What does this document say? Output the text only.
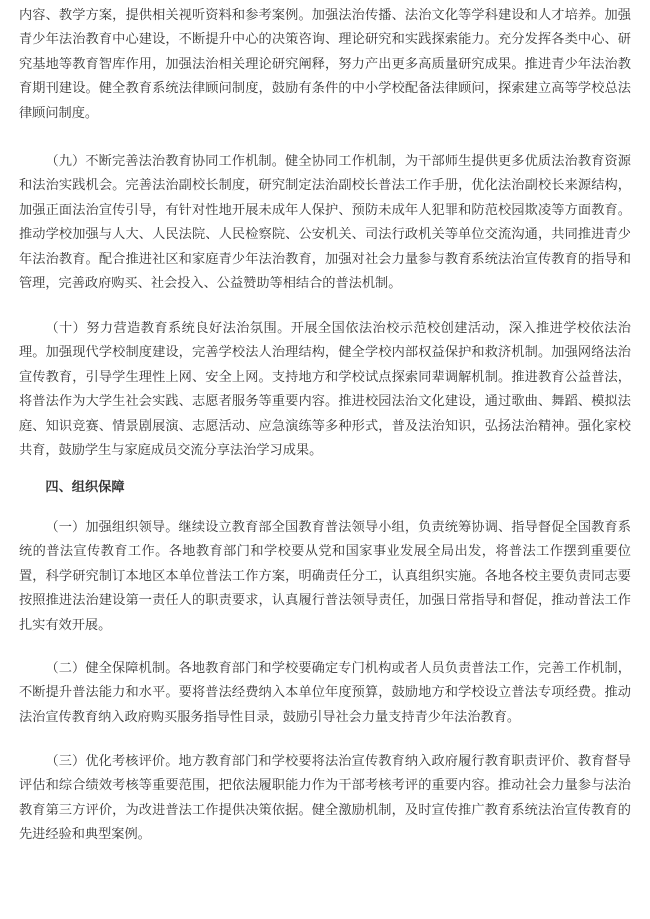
内容、教学方案，提供相关视听资料和参考案例。加强法治传播、法治文化等学科建设和人才培养。加强青少年法治教育中心建设，不断提升中心的决策咨询、理论研究和实践探索能力。充分发挥各类中心、研究基地等教育智库作用，加强法治相关理论研究阐释，努力产出更多高质量研究成果。推进青少年法治教育期刊建设。健全教育系统法律顾问制度，鼓励有条件的中小学校配备法律顾问，探索建立高等学校总法律顾问制度。

（九）不断完善法治教育协同工作机制。健全协同工作机制，为干部师生提供更多优质法治教育资源和法治实践机会。完善法治副校长制度，研究制定法治副校长普法工作手册，优化法治副校长来源结构，加强正面法治宣传引导，有针对性地开展未成年人保护、预防未成年人犯罪和防范校园欺凌等方面教育。推动学校加强与人大、人民法院、人民检察院、公安机关、司法行政机关等单位交流沟通，共同推进青少年法治教育。配合推进社区和家庭青少年法治教育，加强对社会力量参与教育系统法治宣传教育的指导和管理，完善政府购买、社会投入、公益赞助等相结合的普法机制。

（十）努力营造教育系统良好法治氛围。开展全国依法治校示范校创建活动，深入推进学校依法治理。加强现代学校制度建设，完善学校法人治理结构，健全学校内部权益保护和救济机制。加强网络法治宣传教育，引导学生理性上网、安全上网。支持地方和学校试点探索同辈调解机制。推进教育公益普法，将普法作为大学生社会实践、志愿者服务等重要内容。推进校园法治文化建设，通过歌曲、舞蹈、模拟法庭、知识竞赛、情景剧展演、志愿活动、应急演练等多种形式，普及法治知识，弘扬法治精神。强化家校共育，鼓励学生与家庭成员交流分享法治学习成果。

四、组织保障

（一）加强组织领导。继续设立教育部全国教育普法领导小组，负责统筹协调、指导督促全国教育系统的普法宣传教育工作。各地教育部门和学校要从党和国家事业发展全局出发，将普法工作摆到重要位置，科学研究制订本地区本单位普法工作方案，明确责任分工，认真组织实施。各地各校主要负责同志要按照推进法治建设第一责任人的职责要求，认真履行普法领导责任，加强日常指导和督促，推动普法工作扎实有效开展。

（二）健全保障机制。各地教育部门和学校要确定专门机构或者人员负责普法工作，完善工作机制，不断提升普法能力和水平。要将普法经费纳入本单位年度预算，鼓励地方和学校设立普法专项经费。推动法治宣传教育纳入政府购买服务指导性目录，鼓励引导社会力量支持青少年法治教育。

（三）优化考核评价。地方教育部门和学校要将法治宣传教育纳入政府履行教育职责评价、教育督导评估和综合绩效考核等重要范围，把依法履职能力作为干部考核考评的重要内容。推动社会力量参与法治教育第三方评价，为改进普法工作提供决策依据。健全激励机制，及时宣传推广教育系统法治宣传教育的先进经验和典型案例。
